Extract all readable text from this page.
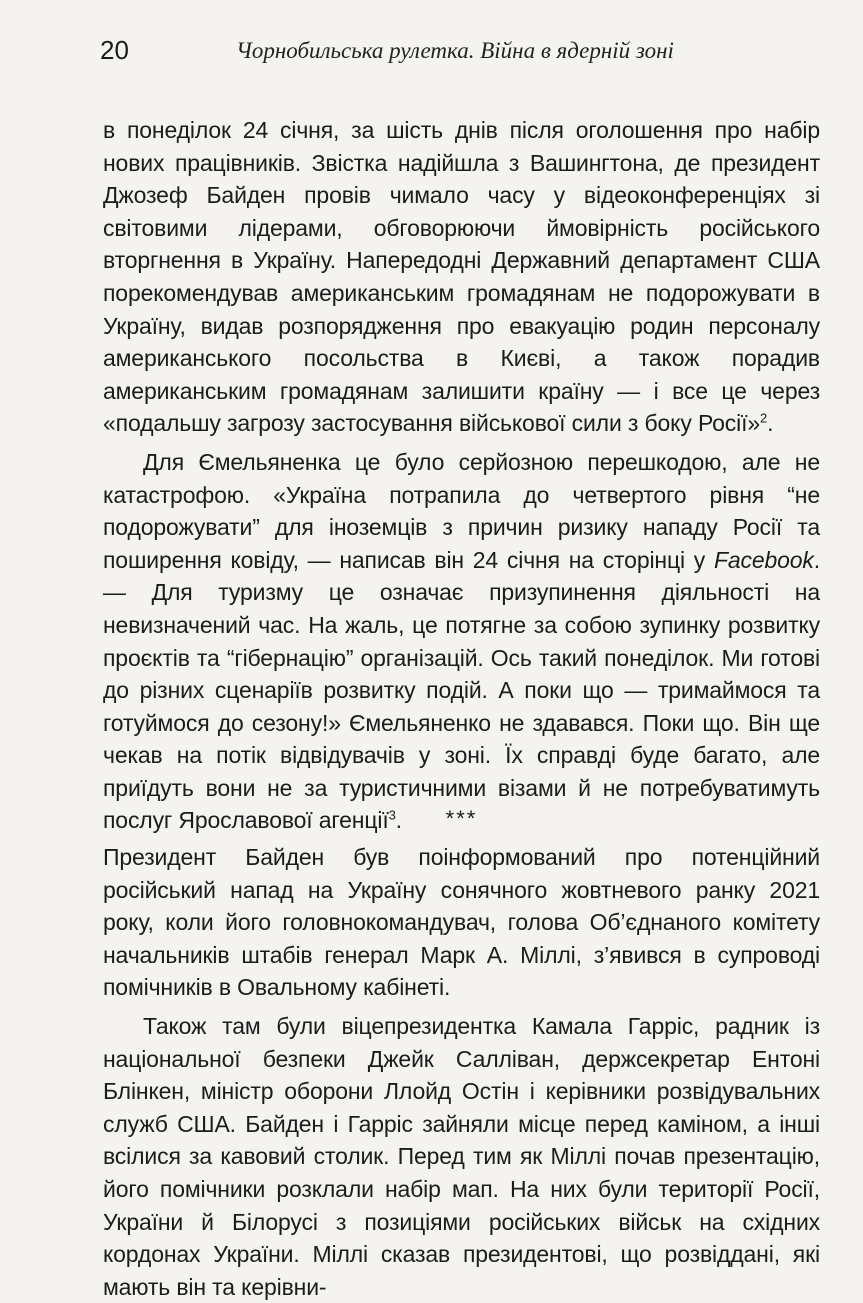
20	Чорнобильська рулетка. Війна в ядерній зоні

в понеділок 24 січня, за шість днів після оголошення про набір нових працівників. Звістка надійшла з Вашингтона, де президент Джозеф Байден провів чимало часу у відеоконференціях зі світовими лідерами, обговорюючи ймовірність російського вторгнення в Україну. Напередодні Державний департамент США порекомендував американським громадянам не подорожувати в Україну, видав розпорядження про евакуацію родин персоналу американського посольства в Києві, а також порадив американським громадянам залишити країну — і все це через «подальшу загрозу застосування військової сили з боку Росії»$^2$.

Для Ємельяненка це було серйозною перешкодою, але не катастрофою. «Україна потрапила до четвертого рівня “не подорожувати” для іноземців з причин ризику нападу Росії та поширення ковіду, — написав він 24 січня на сторінці у Facebook. — Для туризму це означає призупинення діяльності на невизначений час. На жаль, це потягне за собою зупинку розвитку проєктів та “гібернацію” організацій. Ось такий понеділок. Ми готові до різних сценаріїв розвитку подій. А поки що — тримаймося та готуймося до сезону!» Ємельяненко не здавався. Поки що. Він ще чекав на потік відвідувачів у зоні. Їх справді буде багато, але приїдуть вони не за туристичними візами й не потребуватимуть послуг Ярославової агенції$^3$.	***

Президент Байден був поінформований про потенційний російський напад на Україну сонячного жовтневого ранку 2021 року, коли його головнокомандувач, голова Об’єднаного комітету начальників штабів генерал Марк А. Міллі, з’явився в супроводі помічників в Овальному кабінеті.

Також там були віцепрезидентка Камала Гарріс, радник із національної безпеки Джейк Салліван, держсекретар Ентоні Блінкен, міністр оборони Ллойд Остін і керівники розвідувальних служб США. Байден і Гарріс зайняли місце перед каміном, а інші всілися за кавовий столик. Перед тим як Міллі почав презентацію, його помічники розклали набір мап. На них були території Росії, України й Білорусі з позиціями російських військ на східних кордонах України. Міллі сказав президентові, що розвіддані, які мають він та керівни-
